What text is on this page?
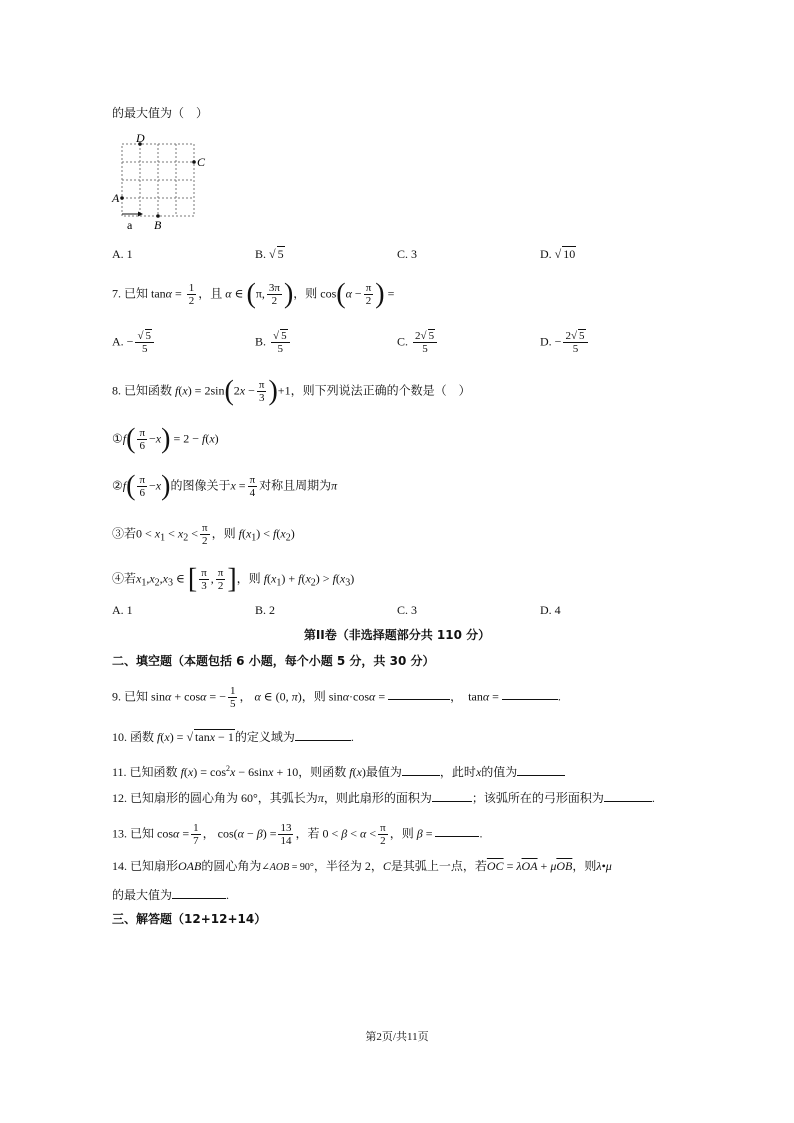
的最大值为（　）
D
C
A
B
a
A. 1	B. √ 5	C. 3	D. √ 10
7. 已知 $\tan\alpha = \frac{1}{2}$ ，且 α ∈ (π, $\frac{3\pi}{2}$ )，则 $\cos(\alpha - \frac{\pi}{2}$ ) =
A. − $\frac{√ 5}{5}$	B. $\frac{√ 5}{5}$	C. $\frac{2√ 5}{5}$	D. − $\frac{2√ 5}{5}$
8. 已知函数 $f(x) = 2\sin(2x - \frac{\pi}{3} )+1$，则下列说法正确的个数是（　）
①f( $\frac{\pi}{6} -x) = 2 - f(x)$
②f( $\frac{\pi}{6} -x$)的图像关于$x = \frac{\pi}{4}$ 对称且周期为π
③若$0 < x_1 < x_2 < \frac{\pi}{2}$ ，则 $f(x_1) < f(x_2)$
④若$x_1,x_2,x_3$ ∈ [ $\frac{\pi}{3}$ , $\frac{\pi}{2}$ ]，则 $f(x_1) + f(x_2) > f(x_3)$
A. 1	B. 2	C. 3	D. 4
第II卷（非选择题部分共 110 分）
二、填空题（本题包括 6 小题，每个小题 5 分，共 30 分）
9. 已知 sinα + cosα = − $\frac{1}{5}$ ， α ∈ (0, π)，则 sinα·cosα =	，　tanα =	.
10. 函数 f(x) = √ tanx − 1的定义域为	.
11. 已知函数 $f(x) = \cos^2x - 6\sin x + 10$，则函数 f(x)最值为	，此时x的值为
12. 已知扇形的圆心角为 60°，其弧长为π，则此扇形的面积为	；该弧所在的弓形面积为	.
13. 已知 $\cos\alpha = \frac{1}{7}$ ， $\cos(\alpha - \beta) = \frac{13}{14}$ ，若 $0 < \beta < \alpha < \frac{\pi}{2}$ ，则 β =	.
14. 已知扇形OAB的圆心角为∠AOB = 90°，半径为 2，C是其弧上一点，若$\overline{OC} = \lambda\overline{OA} + \mu\overline{OB}$，则λ•μ
的最大值为	.
三、解答题（12+12+14）
第2页/共11页
